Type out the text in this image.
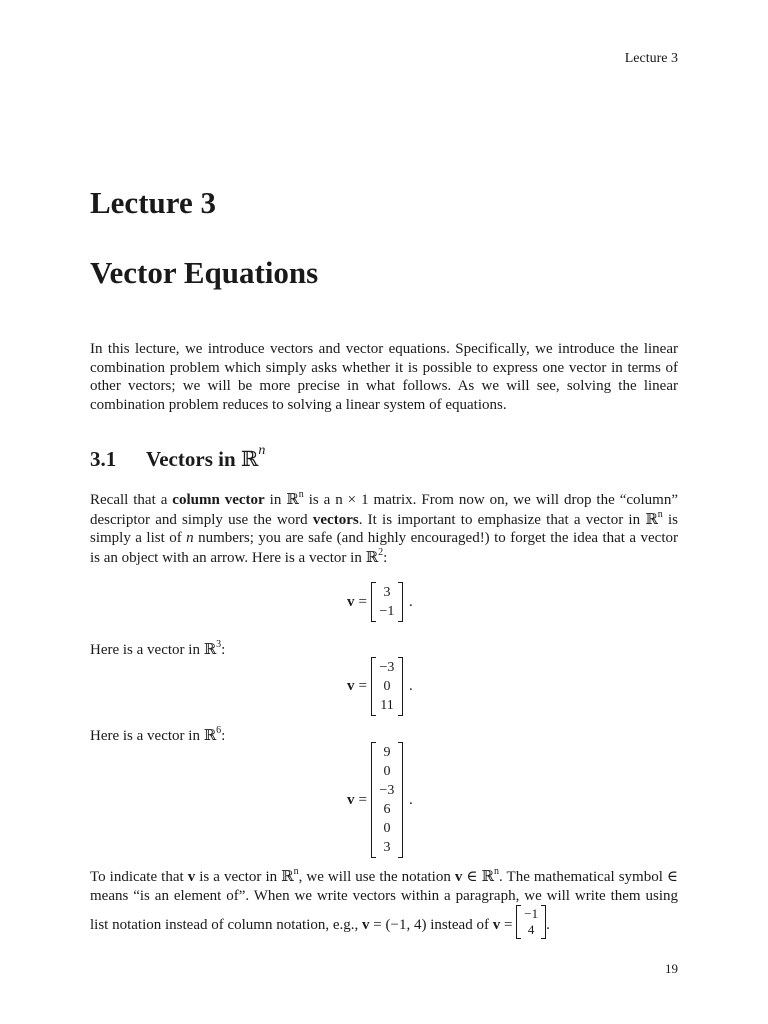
Lecture 3
Lecture 3
Vector Equations
In this lecture, we introduce vectors and vector equations. Specifically, we introduce the linear combination problem which simply asks whether it is possible to express one vector in terms of other vectors; we will be more precise in what follows. As we will see, solving the linear combination problem reduces to solving a linear system of equations.
3.1 Vectors in ℝ$^n$
Recall that a column vector in ℝ$^n$ is a n × 1 matrix. From now on, we will drop the “column” descriptor and simply use the word vectors. It is important to emphasize that a vector in ℝ$^n$ is simply a list of n numbers; you are safe (and highly encouraged!) to forget the idea that a vector is an object with an arrow. Here is a vector in ℝ$^2$:
v =
3
−1
.
Here is a vector in ℝ$^3$:
v =
−3
0
11
.
Here is a vector in ℝ$^6$:
v =
9
0
−3
6
0
3
.
To indicate that v is a vector in ℝ$^n$, we will use the notation v ∈ ℝ$^n$. The mathematical symbol ∈ means “is an element of”. When we write vectors within a paragraph, we will write them using list notation instead of column notation, e.g., v = (−1, 4) instead of v =
−1
4 .
19
